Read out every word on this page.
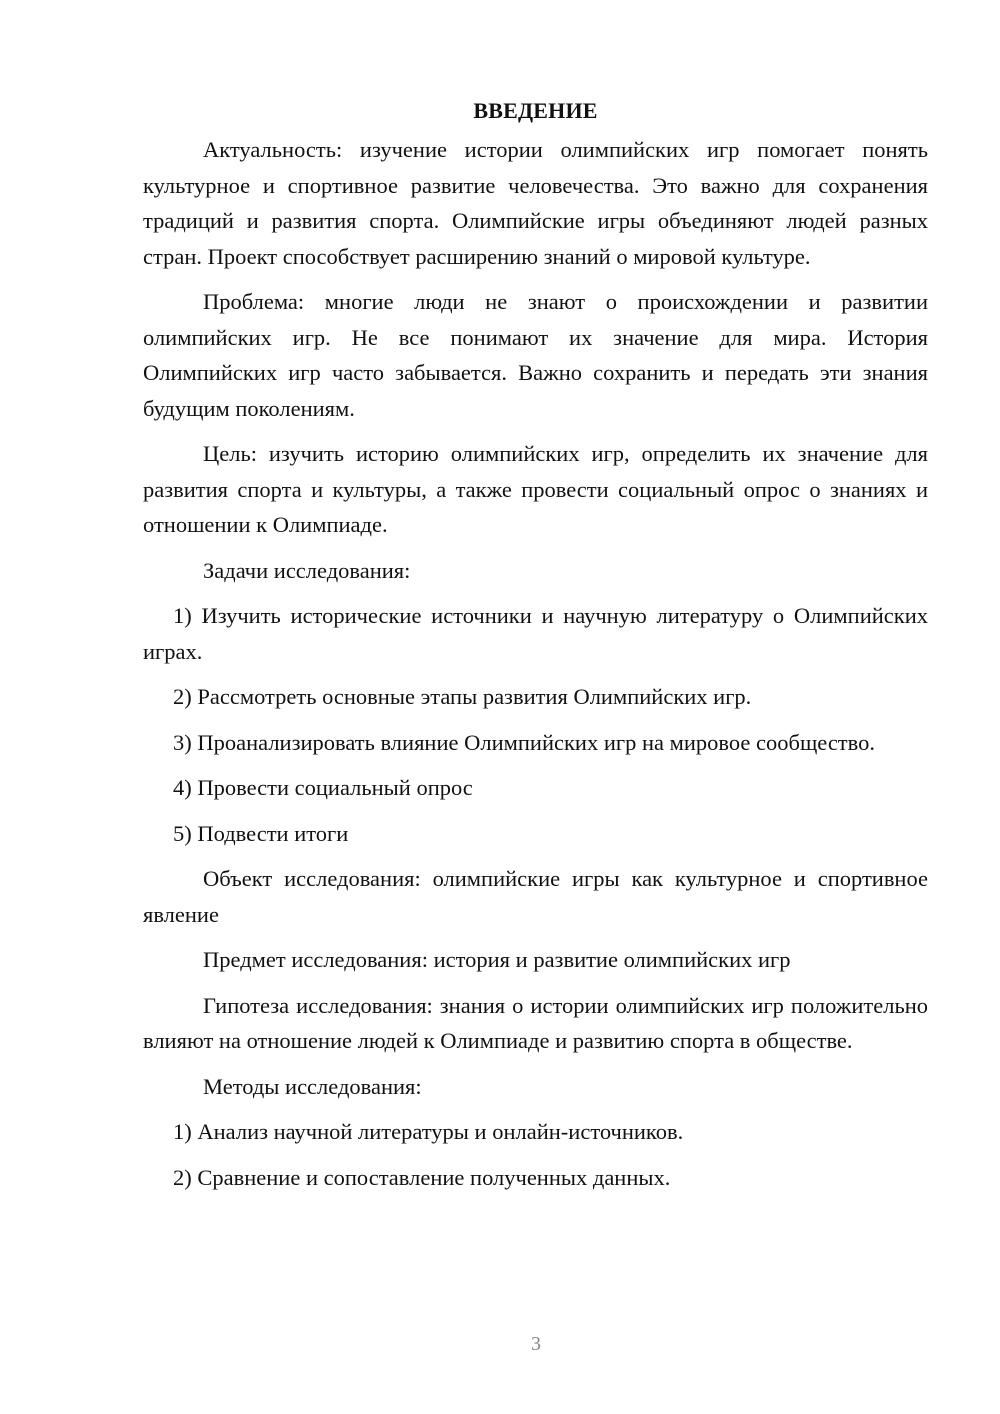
ВВЕДЕНИЕ

Актуальность: изучение истории олимпийских игр помогает понять культурное и спортивное развитие человечества. Это важно для сохранения традиций и развития спорта. Олимпийские игры объединяют людей разных стран. Проект способствует расширению знаний о мировой культуре.

Проблема: многие люди не знают о происхождении и развитии олимпийских игр. Не все понимают их значение для мира. История Олимпийских игр часто забывается. Важно сохранить и передать эти знания будущим поколениям.

Цель: изучить историю олимпийских игр, определить их значение для развития спорта и культуры, а также провести социальный опрос о знаниях и отношении к Олимпиаде.

Задачи исследования:

1) Изучить исторические источники и научную литературу о Олимпийских играх.

2) Рассмотреть основные этапы развития Олимпийских игр.

3) Проанализировать влияние Олимпийских игр на мировое сообщество.

4) Провести социальный опрос

5) Подвести итоги

Объект исследования: олимпийские игры как культурное и спортивное явление

Предмет исследования: история и развитие олимпийских игр

Гипотеза исследования: знания о истории олимпийских игр положительно влияют на отношение людей к Олимпиаде и развитию спорта в обществе.

Методы исследования:

1) Анализ научной литературы и онлайн-источников.

2) Сравнение и сопоставление полученных данных.

3
